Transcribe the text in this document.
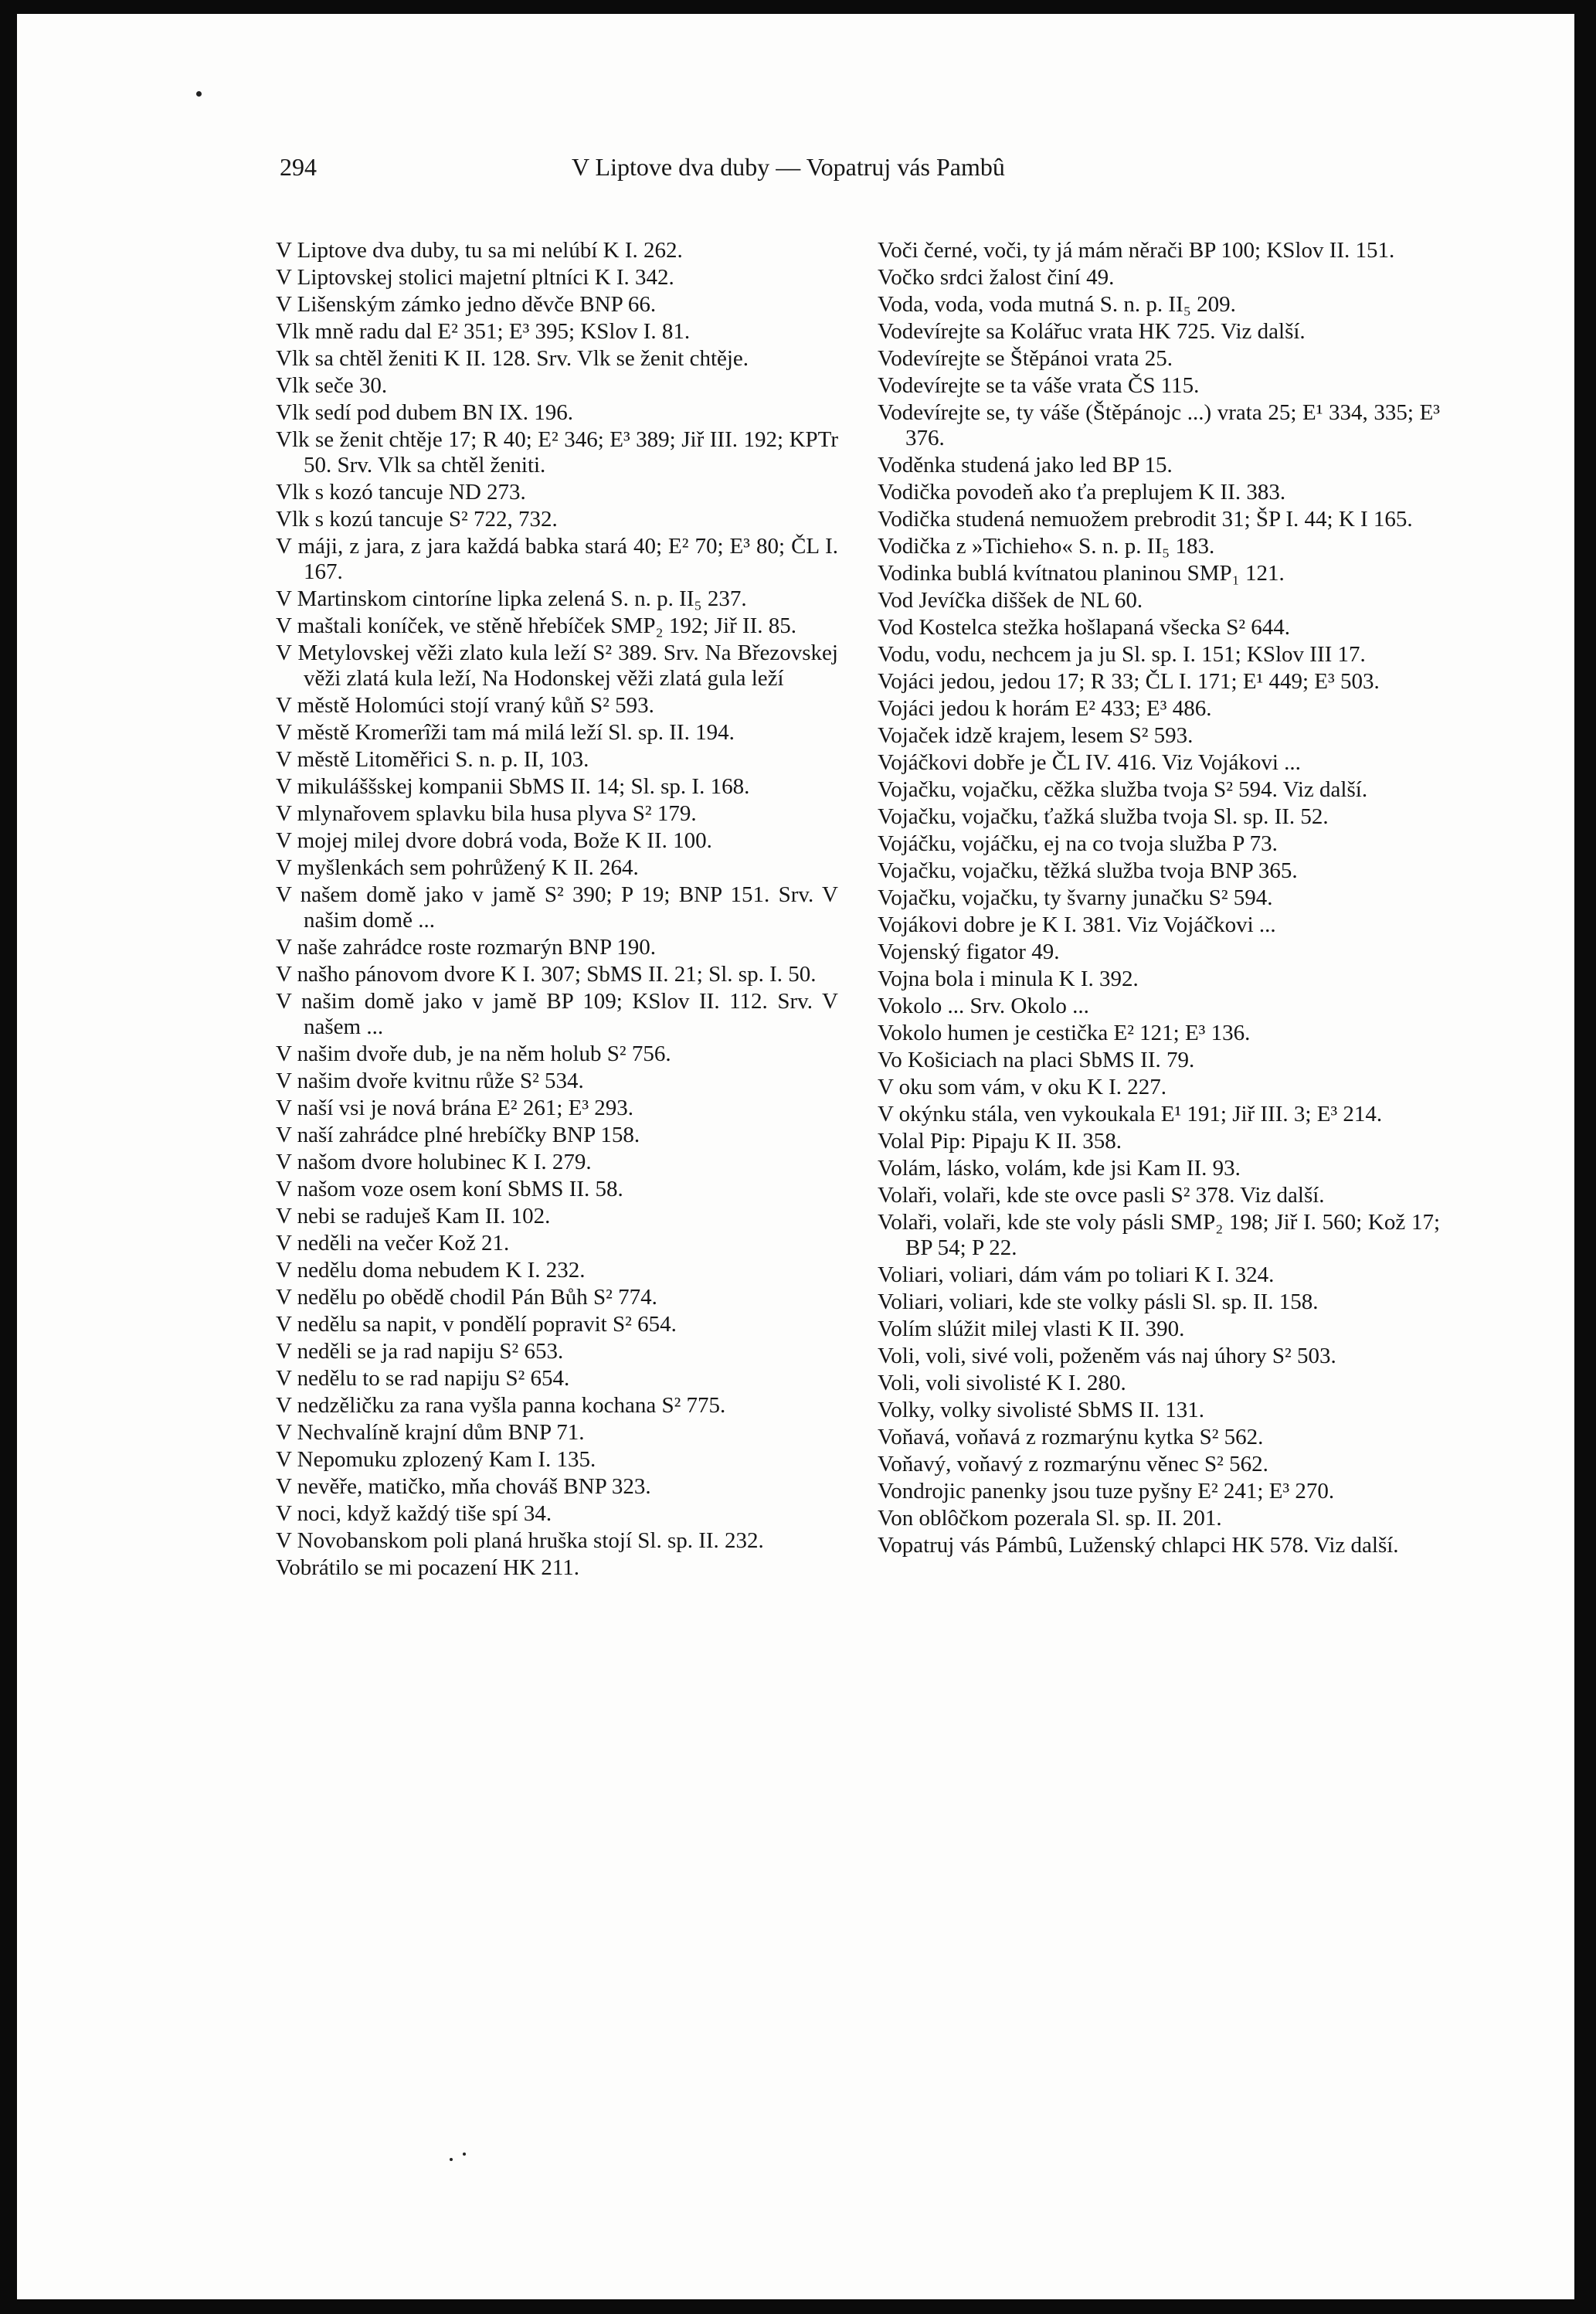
294	V Liptove dva duby — Vopatruj vás Pambû
V Liptove dva duby, tu sa mi nelúbí K I. 262.
V Liptovskej stolici majetní pltníci K I. 342.
V Lišenským zámko jedno děvče BNP 66.
Vlk mně radu dal E² 351; E³ 395; KSlov I. 81.
Vlk sa chtěl ženiti K II. 128. Srv. Vlk se ženit chtěje.
Vlk seče 30.
Vlk sedí pod dubem BN IX. 196.
Vlk se ženit chtěje 17; R 40; E² 346; E³ 389; Jiř III. 192; KPTr 50. Srv. Vlk sa chtěl ženiti.
Vlk s kozó tancuje ND 273.
Vlk s kozú tancuje S² 722, 732.
V máji, z jara, z jara každá babka stará 40; E² 70; E³ 80; ČL I. 167.
V Martinskom cintoríne lipka zelená S. n. p. II₅ 237.
V maštali koníček, ve stěně hřebíček SMP₂ 192; Jiř II. 85.
V Metylovskej věži zlato kula leží S² 389. Srv. Na Březovskej věži zlatá kula leží, Na Hodonskej věži zlatá gula leží
V městě Holomúci stojí vraný kůň S² 593.
V městě Kromerîži tam má milá leží Sl. sp. II. 194.
V městě Litoměřici S. n. p. II, 103.
V mikuláššskej kompanii SbMS II. 14; Sl. sp. I. 168.
V mlynařovem splavku bila husa plyva S² 179.
V mojej milej dvore dobrá voda, Bože K II. 100.
V myšlenkách sem pohrůžený K II. 264.
V našem domě jako v jamě S² 390; P 19; BNP 151. Srv. V našim domě ...
V naše zahrádce roste rozmarýn BNP 190.
V našho pánovom dvore K I. 307; SbMS II. 21; Sl. sp. I. 50.
V našim domě jako v jamě BP 109; KSlov II. 112. Srv. V našem ...
V našim dvoře dub, je na něm holub S² 756.
V našim dvoře kvitnu růže S² 534.
V naší vsi je nová brána E² 261; E³ 293.
V naší zahrádce plné hrebíčky BNP 158.
V našom dvore holubinec K I. 279.
V našom voze osem koní SbMS II. 58.
V nebi se raduješ Kam II. 102.
V neděli na večer Kož 21.
V nedělu doma nebudem K I. 232.
V nedělu po obědě chodil Pán Bůh S² 774.
V nedělu sa napit, v pondělí popravit S² 654.
V neděli se ja rad napiju S² 653.
V nedělu to se rad napiju S² 654.
V nedzěličku za rana vyšla panna kochana S² 775.
V Nechvalíně krajní dům BNP 71.
V Nepomuku zplozený Kam I. 135.
V nevěře, matičko, mňa chováš BNP 323.
V noci, když každý tiše spí 34.
V Novobanskom poli planá hruška stojí Sl. sp. II. 232.
Vobrátilo se mi pocazení HK 211.
Voči černé, voči, ty já mám něrači BP 100; KSlov II. 151.
Vočko srdci žalost činí 49.
Voda, voda, voda mutná S. n. p. II₅ 209.
Vodevírejte sa Kolářuc vrata HK 725. Viz další.
Vodevírejte se Štěpánoi vrata 25.
Vodevírejte se ta váše vrata ČS 115.
Vodevírejte se, ty váše (Štěpánojc ...) vrata 25; E¹ 334, 335; E³ 376.
Voděnka studená jako led BP 15.
Vodička povodeň ako ťa preplujem K II. 383.
Vodička studená nemuožem prebrodit 31; ŠP I. 44; K I 165.
Vodička z »Tichieho« S. n. p. II₅ 183.
Vodinka bublá kvítnatou planinou SMP₁ 121.
Vod Jevíčka diššek de NL 60.
Vod Kostelca stežka hošlapaná všecka S² 644.
Vodu, vodu, nechcem ja ju Sl. sp. I. 151; KSlov III 17.
Vojáci jedou, jedou 17; R 33; ČL I. 171; E¹ 449; E³ 503.
Vojáci jedou k horám E² 433; E³ 486.
Vojaček idzě krajem, lesem S² 593.
Vojáčkovi dobře je ČL IV. 416. Viz Vojákovi ...
Vojačku, vojačku, cěžka služba tvoja S² 594. Viz další.
Vojačku, vojačku, ťažká služba tvoja Sl. sp. II. 52.
Vojáčku, vojáčku, ej na co tvoja služba P 73.
Vojačku, vojačku, těžká služba tvoja BNP 365.
Vojačku, vojačku, ty švarny junačku S² 594.
Vojákovi dobre je K I. 381. Viz Vojáčkovi ...
Vojenský figator 49.
Vojna bola i minula K I. 392.
Vokolo ... Srv. Okolo ...
Vokolo humen je cestička E² 121; E³ 136.
Vo Košiciach na placi SbMS II. 79.
V oku som vám, v oku K I. 227.
V okýnku stála, ven vykoukala E¹ 191; Jiř III. 3; E³ 214.
Volal Pip: Pipaju K II. 358.
Volám, lásko, volám, kde jsi Kam II. 93.
Volaři, volaři, kde ste ovce pasli S² 378. Viz další.
Volaři, volaři, kde ste voly pásli SMP₂ 198; Jiř I. 560; Kož 17; BP 54; P 22.
Voliari, voliari, dám vám po toliari K I. 324.
Voliari, voliari, kde ste volky pásli Sl. sp. II. 158.
Volím slúžit milej vlasti K II. 390.
Voli, voli, sivé voli, poženěm vás naj úhory S² 503.
Voli, voli sivolisté K I. 280.
Volky, volky sivolisté SbMS II. 131.
Voňavá, voňavá z rozmarýnu kytka S² 562.
Voňavý, voňavý z rozmarýnu věnec S² 562.
Vondrojic panenky jsou tuze pyšny E² 241; E³ 270.
Von oblôčkom pozerala Sl. sp. II. 201.
Vopatruj vás Pámbû, Luženský chlapci HK 578. Viz další.
